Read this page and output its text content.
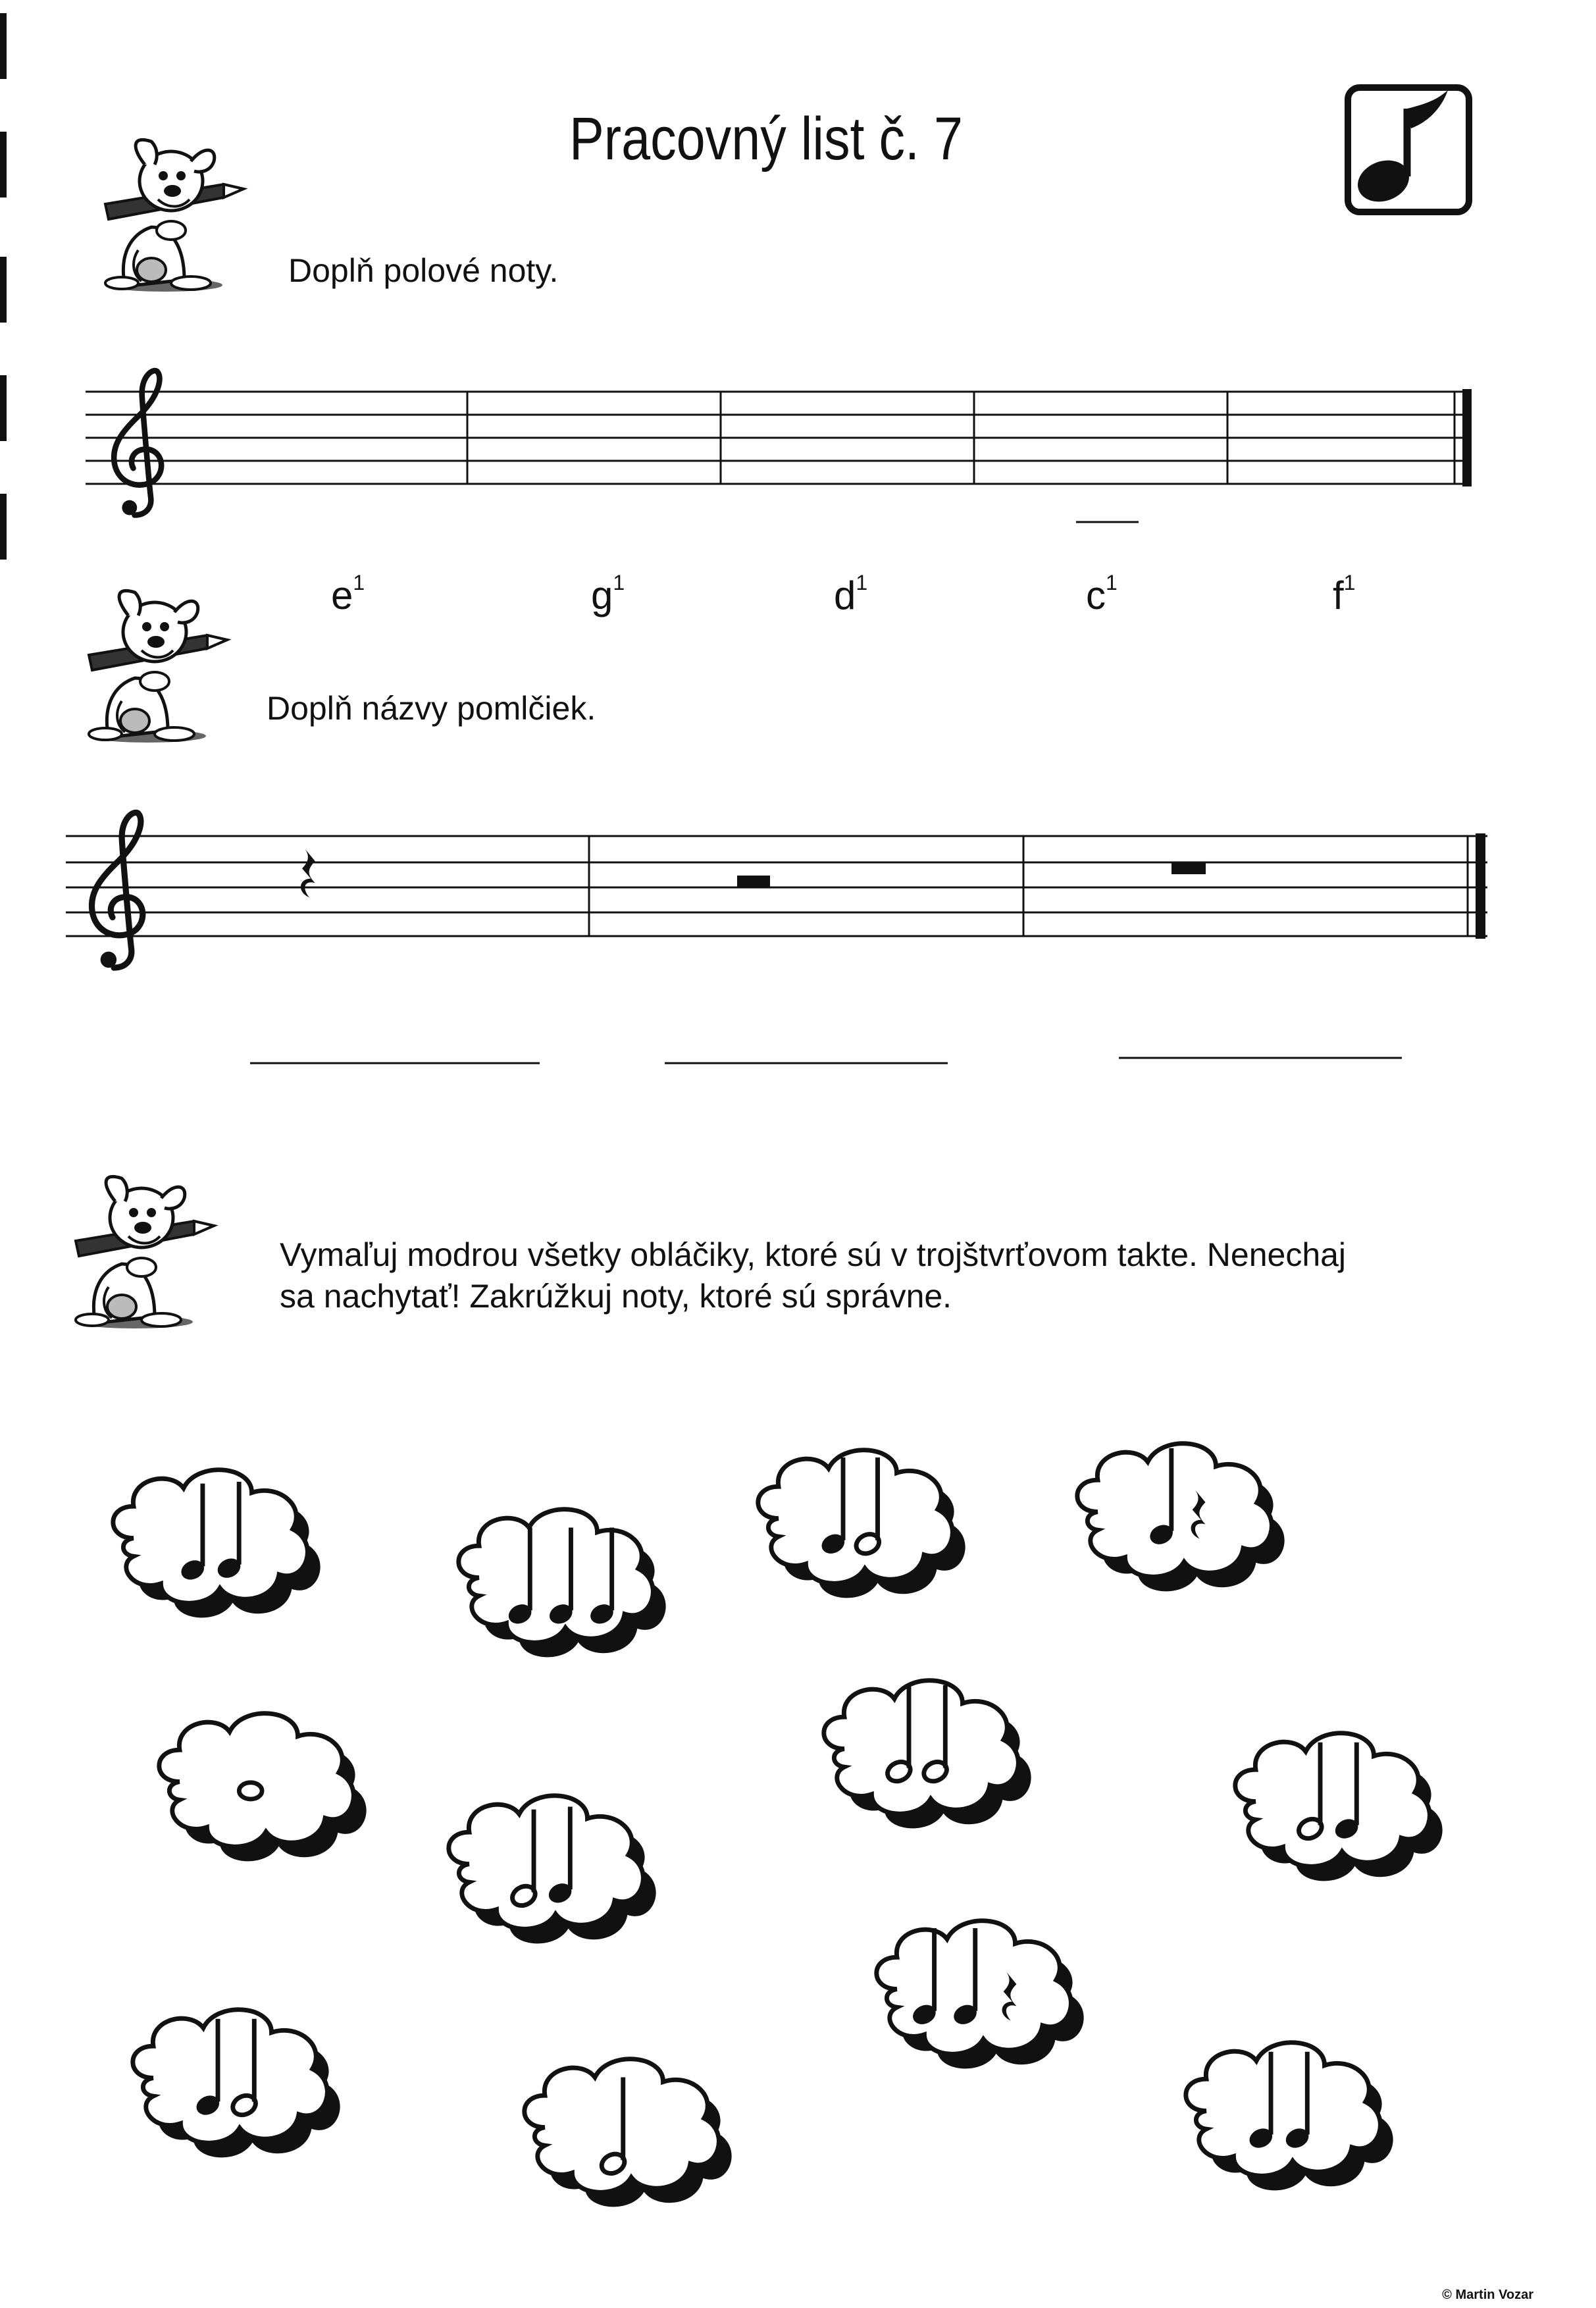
Pracovný list č. 7
Doplň polové noty.
$e^1$	$g^1$	$d^1$	$c^1$	$f^1$
Doplň názvy pomlčiek.
Vymaľuj modrou všetky obláčiky, ktoré sú v trojštvrťovom takte. Nenechaj
sa nachytať! Zakrúžkuj noty, ktoré sú správne.
© Martin Vozar
